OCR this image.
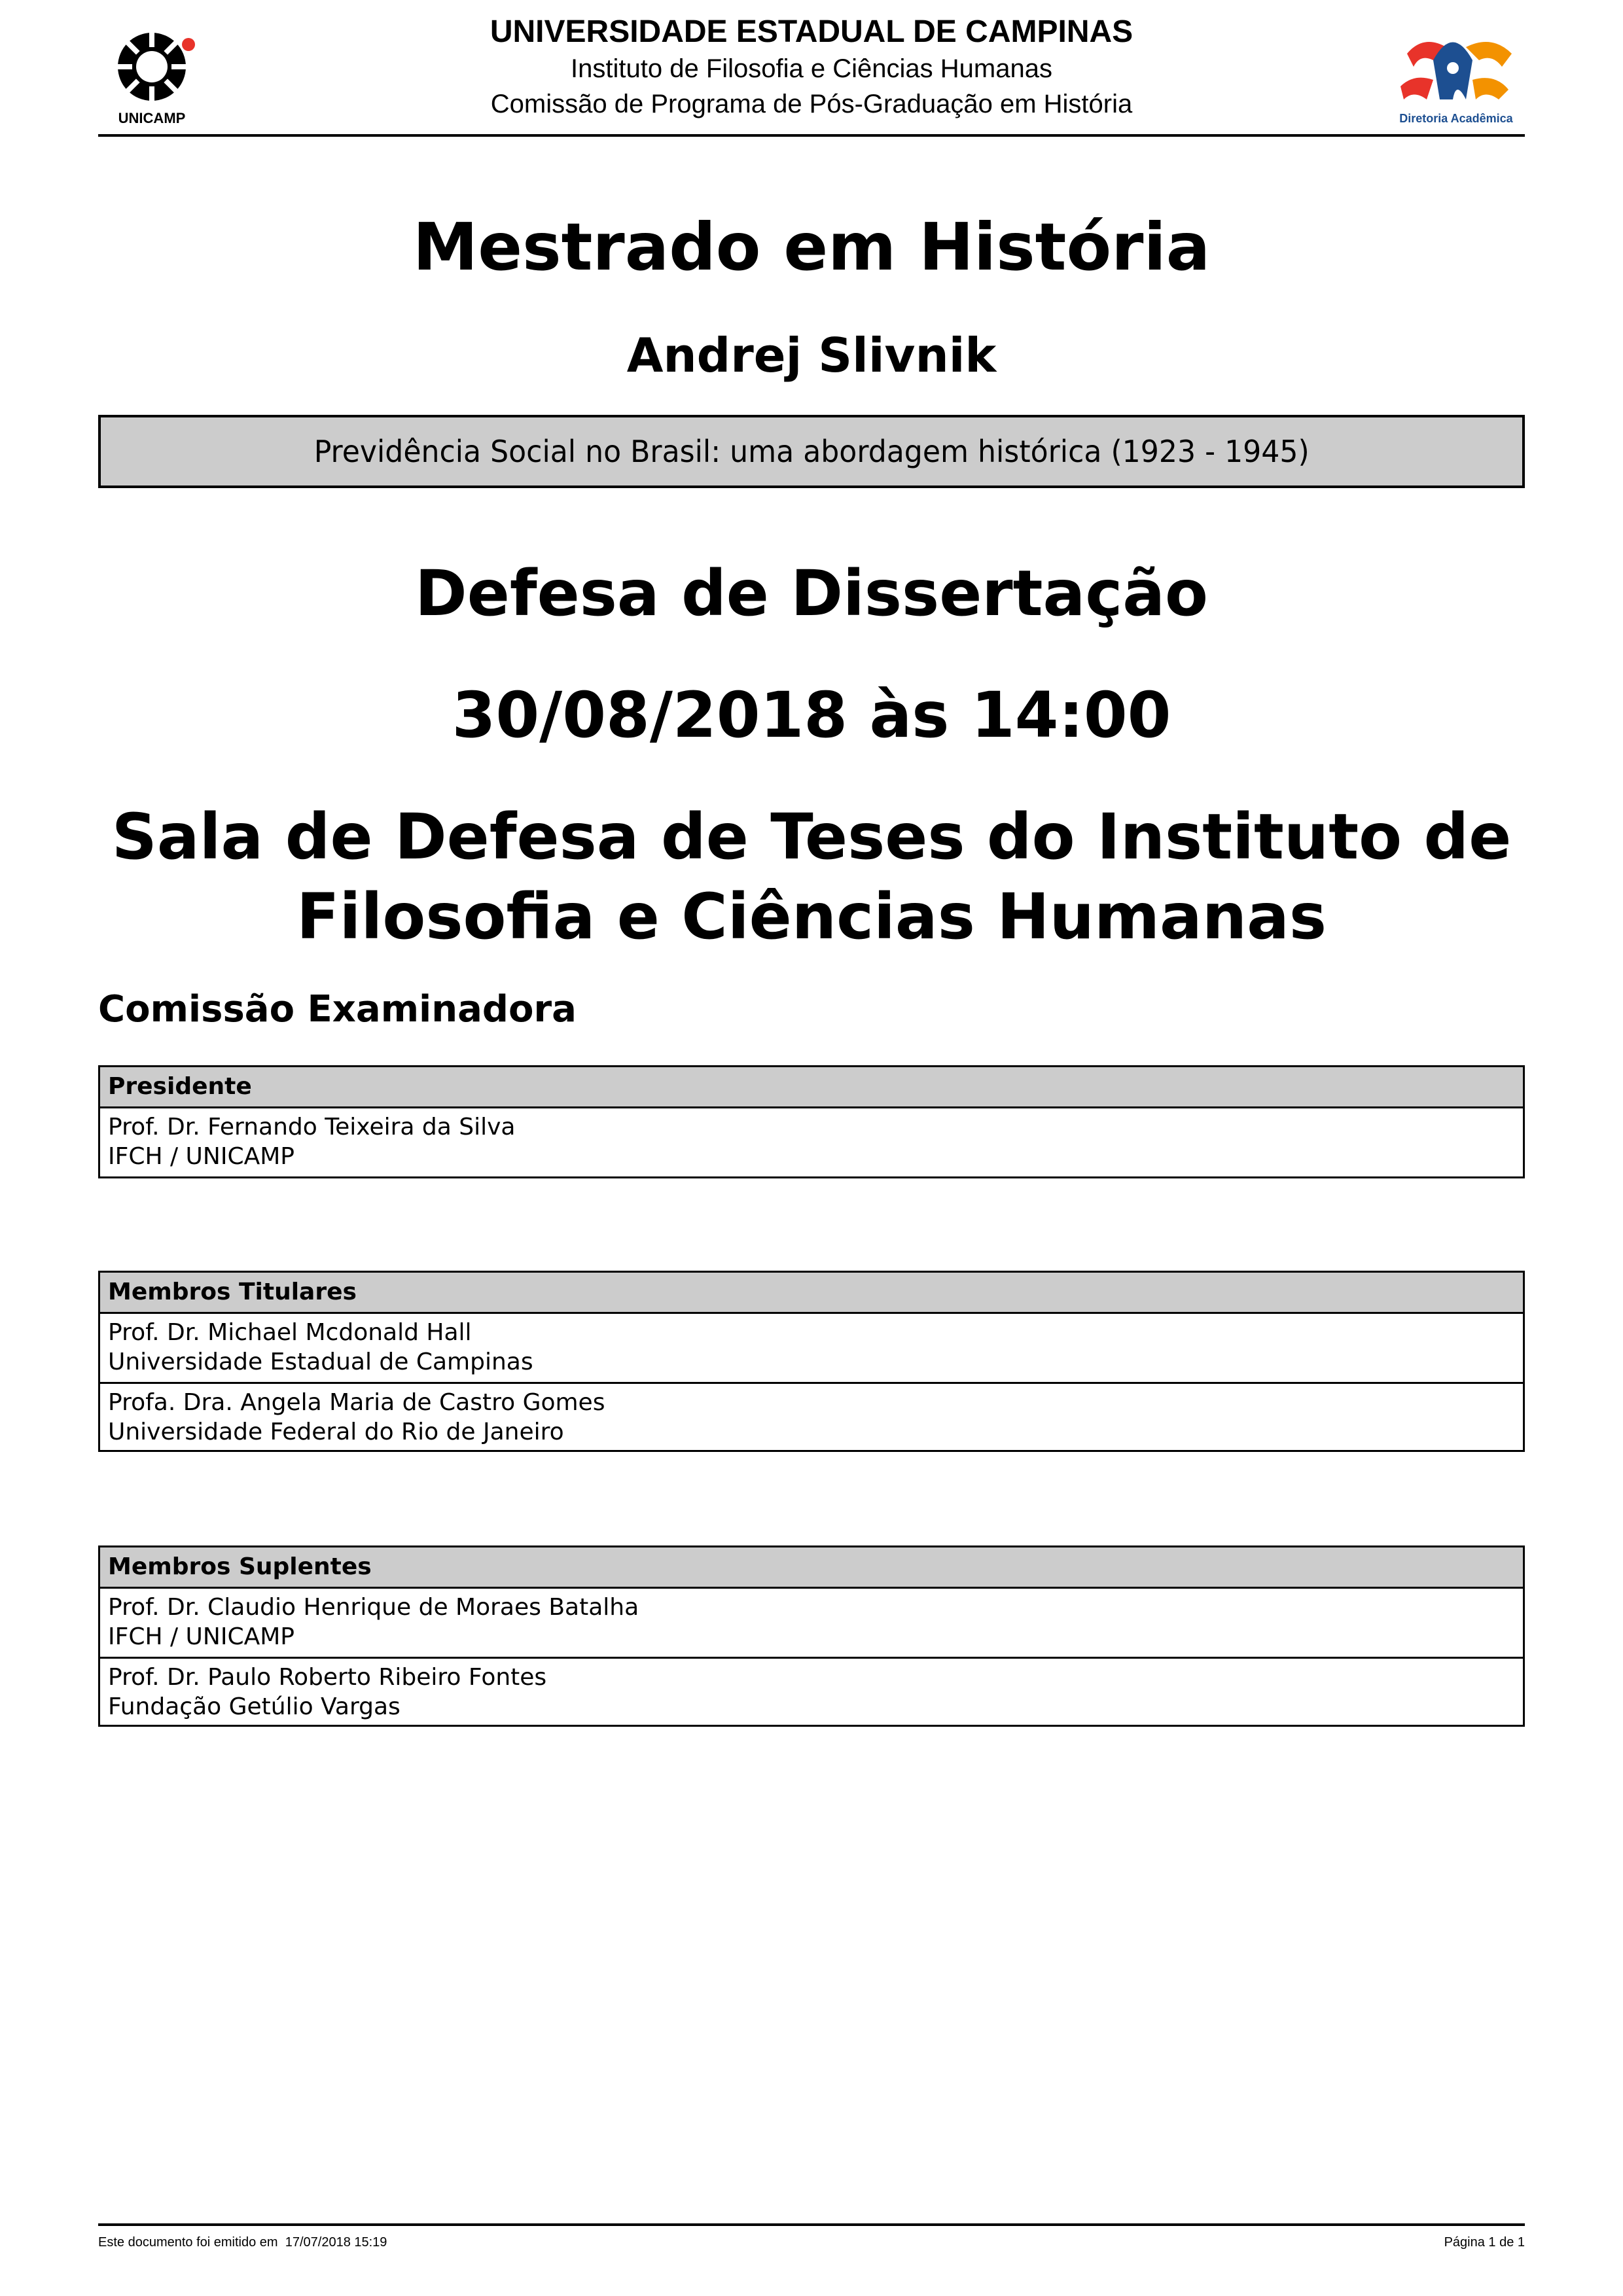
UNICAMP
UNIVERSIDADE ESTADUAL DE CAMPINAS
Instituto de Filosofia e Ciências Humanas
Comissão de Programa de Pós-Graduação em História	Diretoria Acadêmica
Mestrado em História
Andrej Slivnik
Previdência Social no Brasil: uma abordagem histórica (1923 - 1945)
Defesa de Dissertação
30/08/2018 às 14:00
Sala de Defesa de Teses do Instituto de Filosofia e Ciências Humanas
Comissão Examinadora
Presidente
Prof. Dr. Fernando Teixeira da Silva
IFCH / UNICAMP
Membros Titulares
Prof. Dr. Michael Mcdonald Hall
Universidade Estadual de Campinas
Profa. Dra. Angela Maria de Castro Gomes
Universidade Federal do Rio de Janeiro
Membros Suplentes
Prof. Dr. Claudio Henrique de Moraes Batalha
IFCH / UNICAMP
Prof. Dr. Paulo Roberto Ribeiro Fontes
Fundação Getúlio Vargas
Este documento foi emitido em 17/07/2018 15:19	Página 1 de 1
